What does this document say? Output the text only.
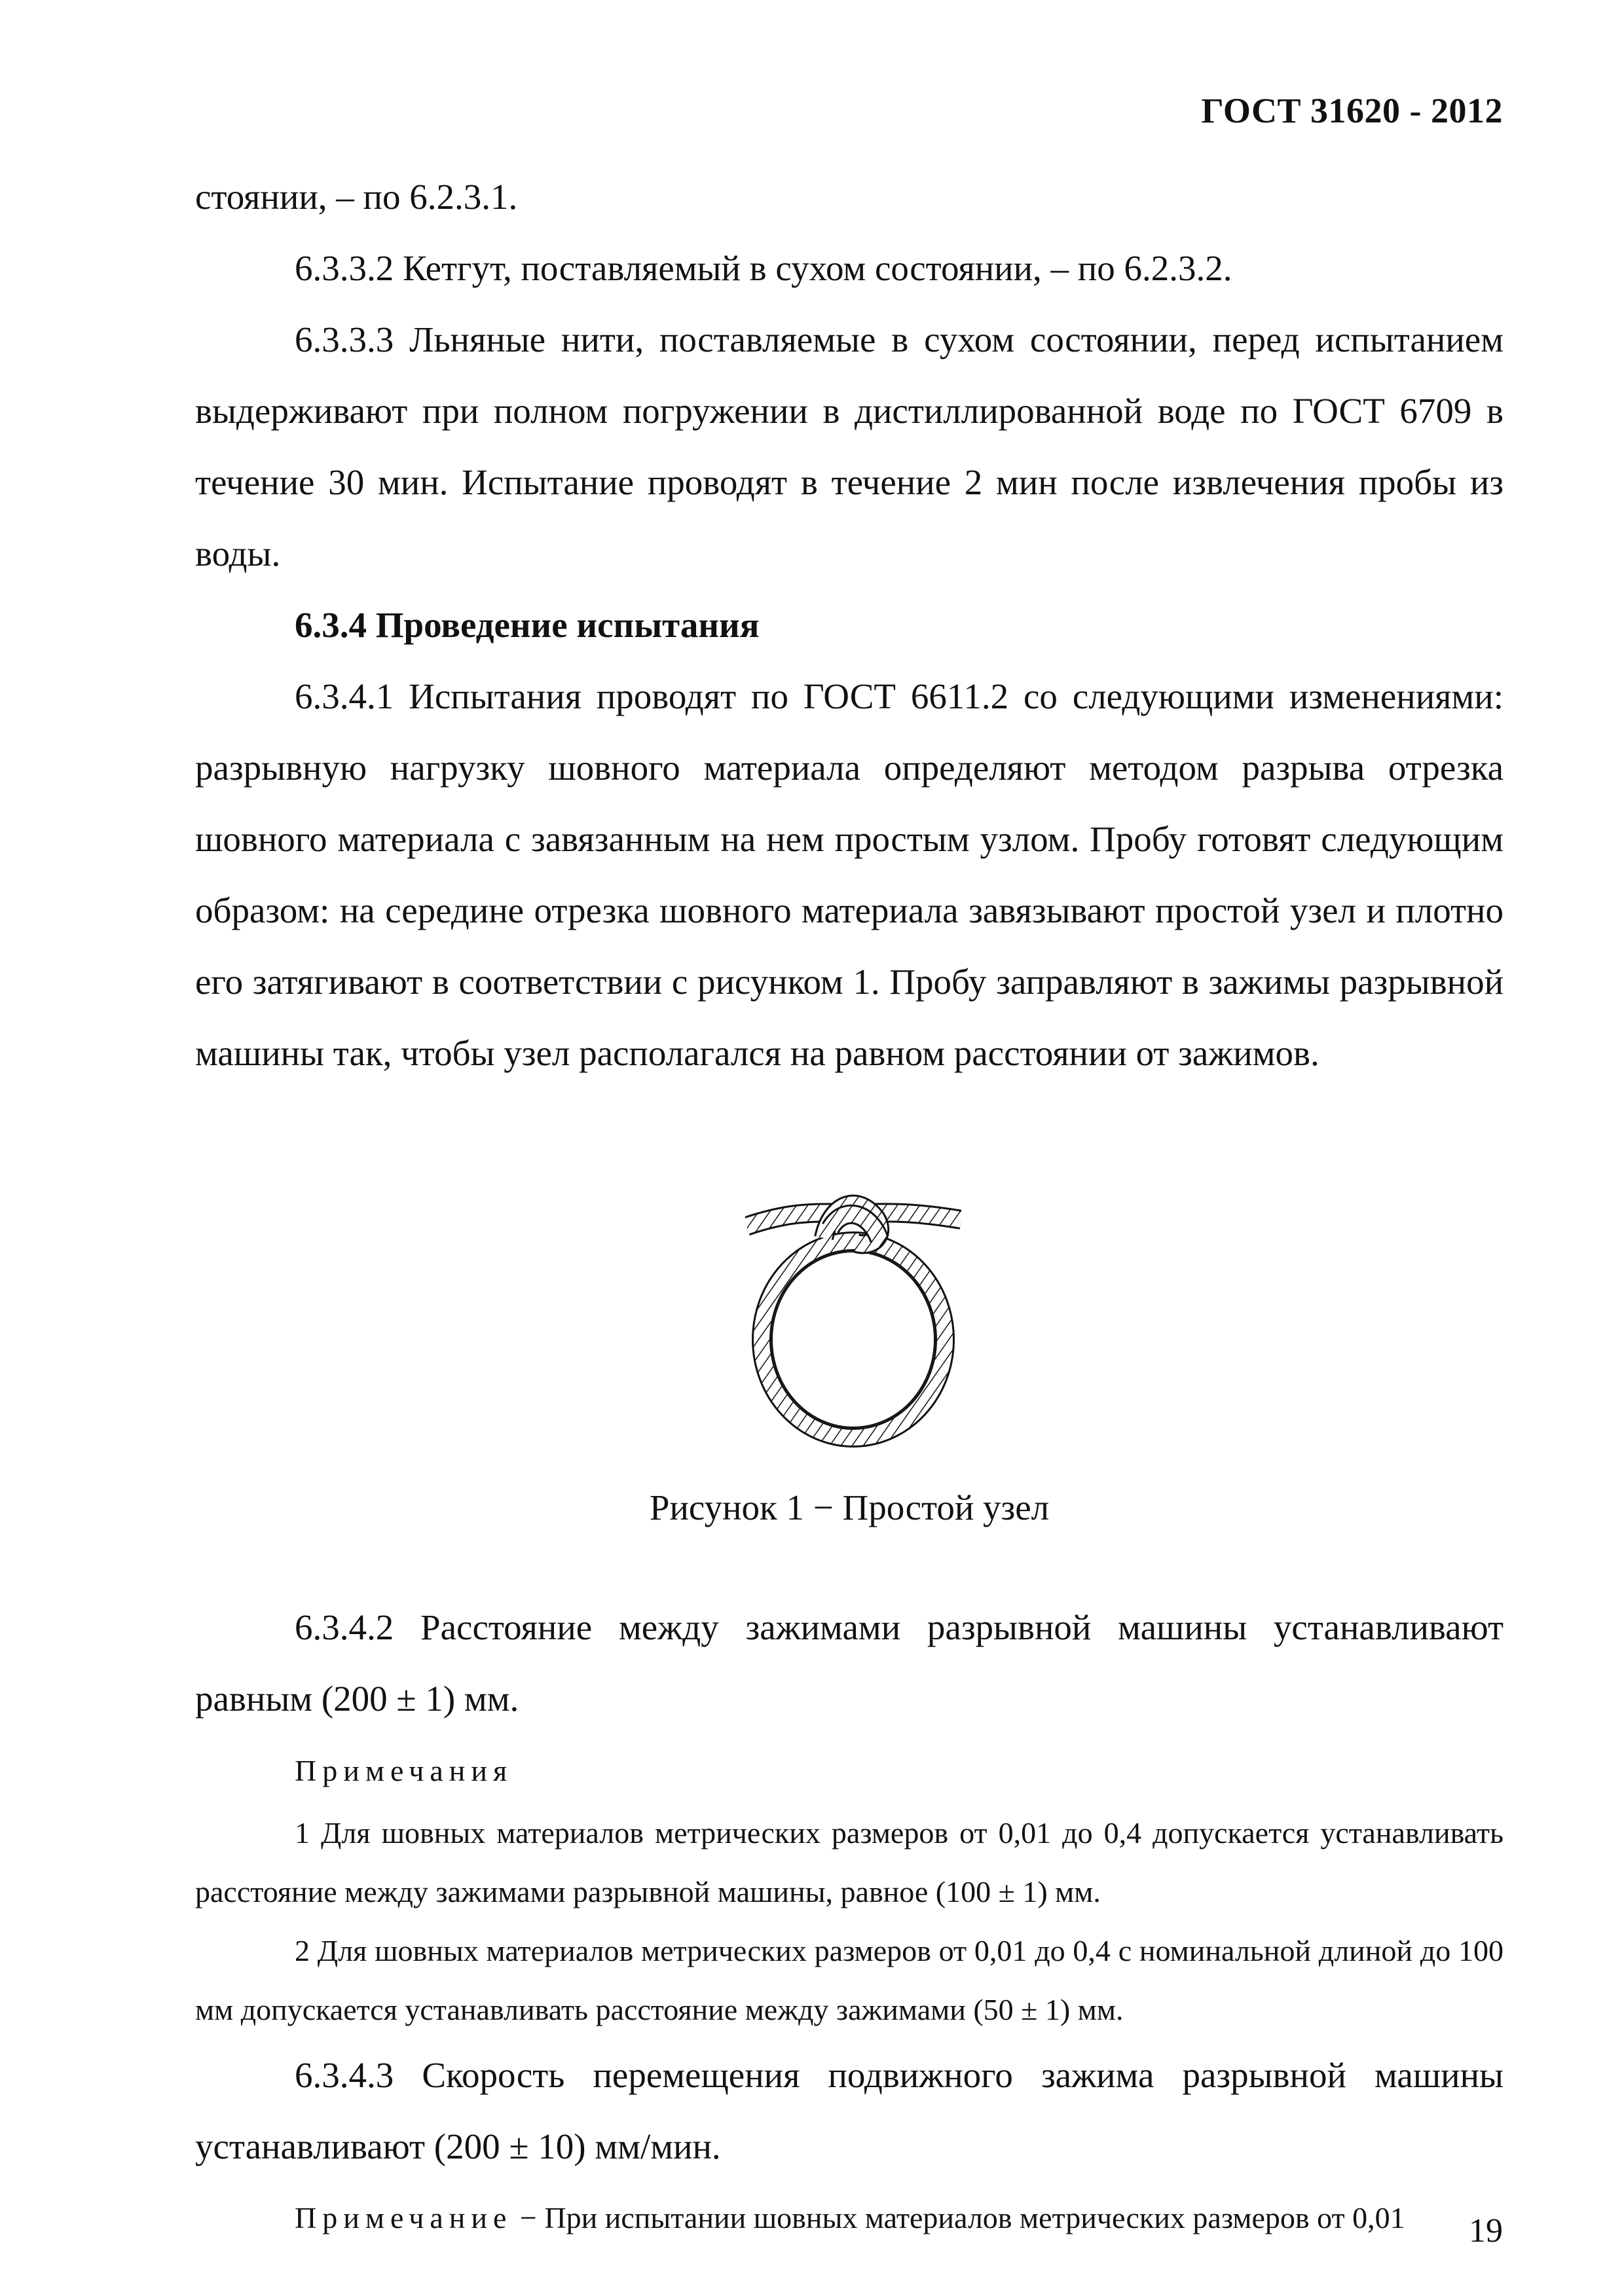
ГОСТ 31620 - 2012

стоянии, – по 6.2.3.1.

6.3.3.2 Кетгут, поставляемый в сухом состоянии, – по 6.2.3.2.

6.3.3.3 Льняные нити, поставляемые в сухом состоянии, перед испытанием выдерживают при полном погружении в дистиллированной воде по ГОСТ 6709 в течение 30 мин. Испытание проводят в течение 2 мин после извлечения пробы из воды.

6.3.4 Проведение испытания

6.3.4.1 Испытания проводят по ГОСТ 6611.2 со следующими изменениями: разрывную нагрузку шовного материала определяют методом разрыва отрезка шовного материала с завязанным на нем простым узлом. Пробу готовят следующим образом: на середине отрезка шовного материала завязывают простой узел и плотно его затягивают в соответствии с рисунком 1. Пробу заправляют в зажимы разрывной машины так, чтобы узел располагался на равном расстоянии от зажимов.

Рисунок 1 − Простой узел

6.3.4.2 Расстояние между зажимами разрывной машины устанавливают равным (200 ± 1) мм.

Примечания

1 Для шовных материалов метрических размеров от 0,01 до 0,4 допускается устанавливать расстояние между зажимами разрывной машины, равное (100 ± 1) мм.

2 Для шовных материалов метрических размеров от 0,01 до 0,4 с номинальной длиной до 100 мм допускается устанавливать расстояние между зажимами (50 ± 1) мм.

6.3.4.3 Скорость перемещения подвижного зажима разрывной машины устанавливают (200 ± 10) мм/мин.

Примечание − При испытании шовных материалов метрических размеров от 0,01	19
